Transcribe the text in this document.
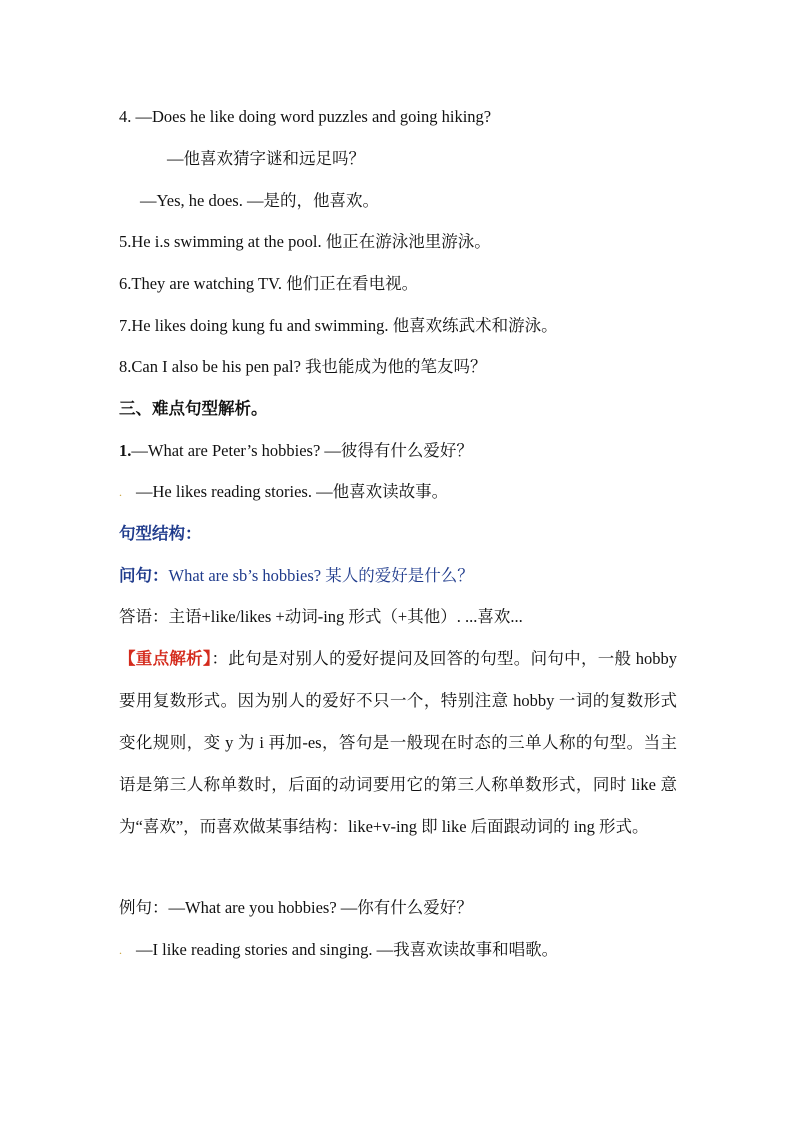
4. —Does he like doing word puzzles and going hiking?
—他喜欢猜字谜和远足吗？
—Yes, he does. —是的，他喜欢。
5.He i.s swimming at the pool. 他正在游泳池里游泳。
6.They are watching TV. 他们正在看电视。
7.He likes doing kung fu and swimming. 他喜欢练武术和游泳。
8.Can I also be his pen pal? 我也能成为他的笔友吗？
三、难点句型解析。
1.—What are Peter’s hobbies? —彼得有什么爱好？
. —He likes reading stories. —他喜欢读故事。
句型结构：
问句：What are sb’s hobbies? 某人的爱好是什么？
答语：主语+like/likes +动词-ing 形式（+其他）. ...喜欢...
【重点解析】：此句是对别人的爱好提问及回答的句型。问句中，一般 hobby 要用复数形式。因为别人的爱好不只一个，特别注意 hobby 一词的复数形式变化规则，变 y 为 i 再加-es，答句是一般现在时态的三单人称的句型。当主语是第三人称单数时，后面的动词要用它的第三人称单数形式，同时 like 意为“喜欢”，而喜欢做某事结构：like+v-ing 即 like 后面跟动词的 ing 形式。
例句：—What are you hobbies? —你有什么爱好？
. —I like reading stories and singing. —我喜欢读故事和唱歌。
